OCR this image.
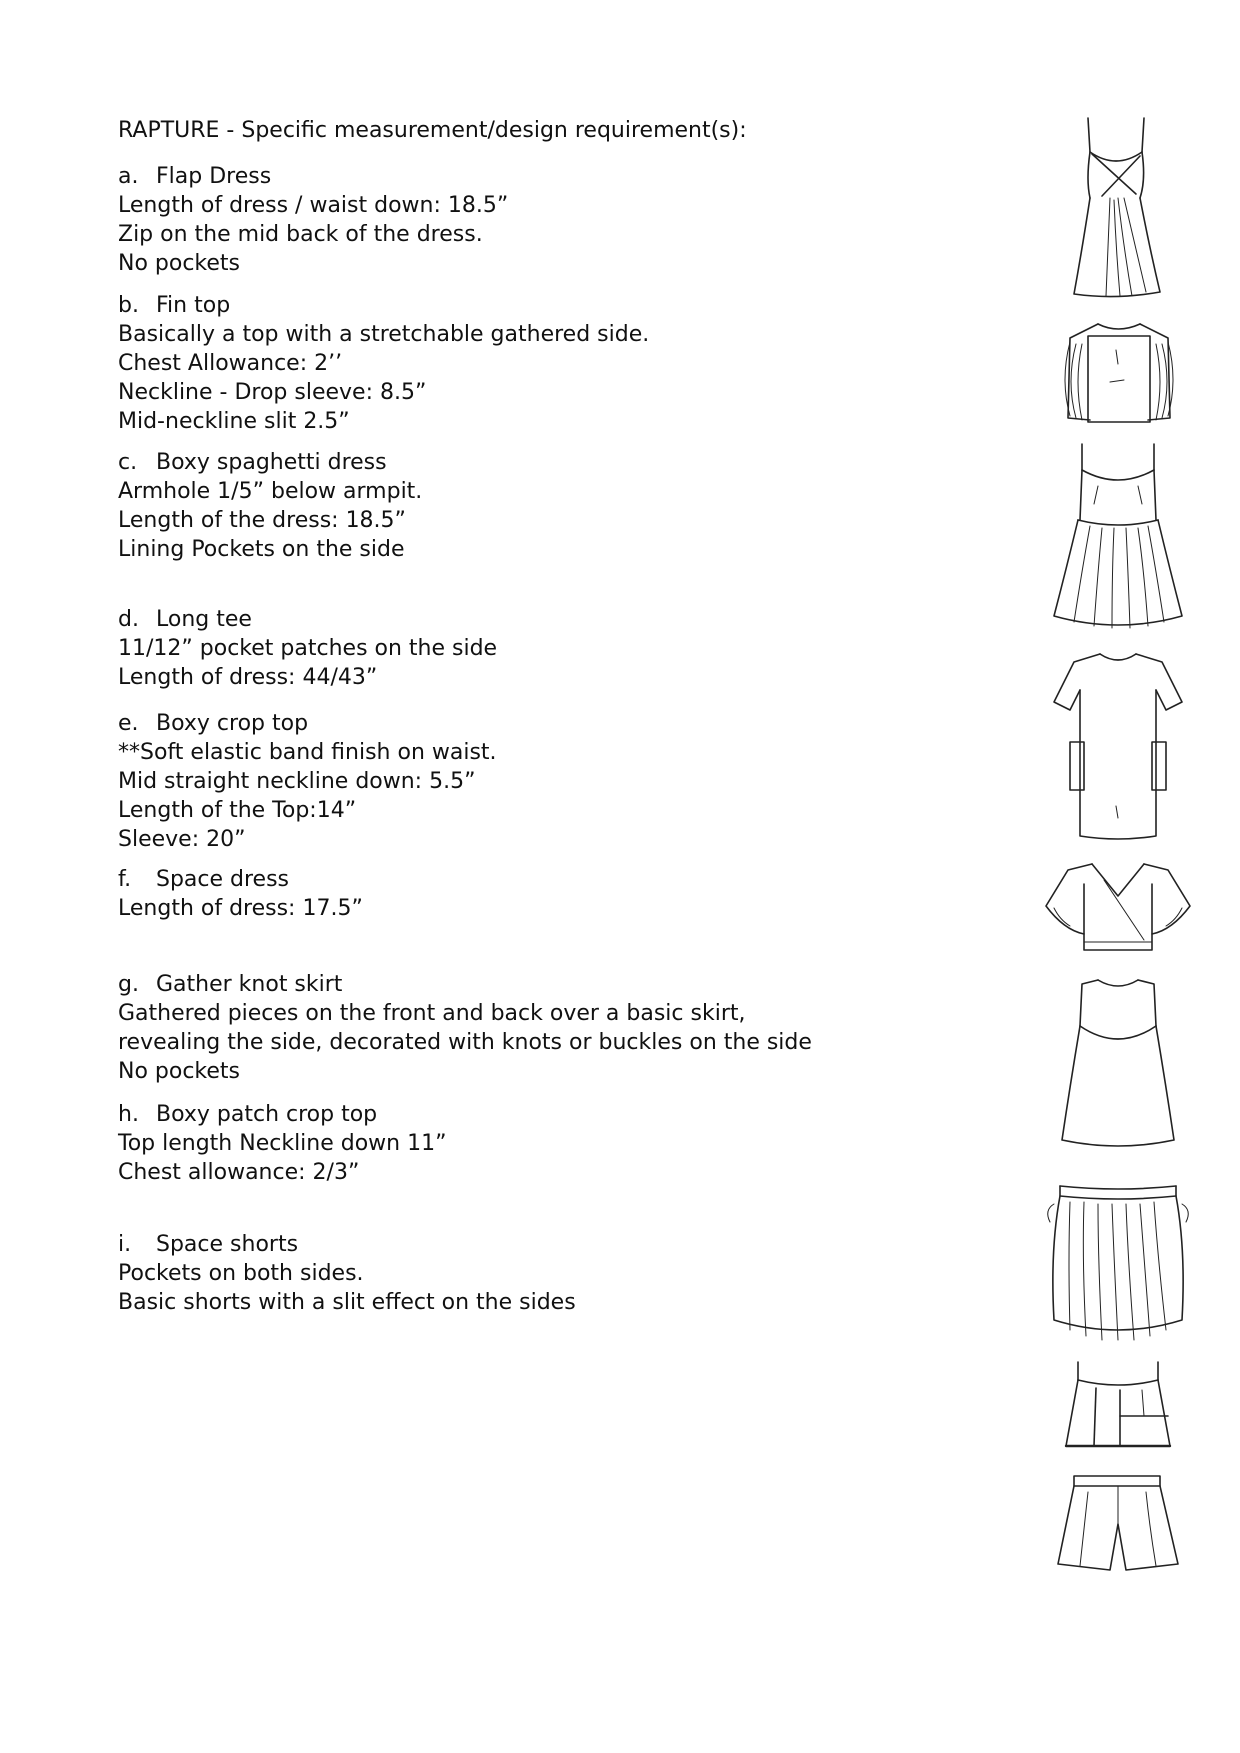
RAPTURE - Specific measurement/design requirement(s):
a. Flap Dress
Length of dress / waist down: 18.5”
Zip on the mid back of the dress.
No pockets
b. Fin top
Basically a top with a stretchable gathered side.
Chest Allowance: 2’’
Neckline - Drop sleeve: 8.5”
Mid-neckline slit 2.5”
c. Boxy spaghetti dress
Armhole 1/5” below armpit.
Length of the dress: 18.5”
Lining Pockets on the side
d. Long tee
11/12” pocket patches on the side
Length of dress: 44/43”
e. Boxy crop top
**Soft elastic band finish on waist.
Mid straight neckline down: 5.5”
Length of the Top:14”
Sleeve: 20”
f. Space dress
Length of dress: 17.5”
g. Gather knot skirt
Gathered pieces on the front and back over a basic skirt,
revealing the side, decorated with knots or buckles on the side
No pockets
h. Boxy patch crop top
Top length Neckline down 11”
Chest allowance: 2/3”
i. Space shorts
Pockets on both sides.
Basic shorts with a slit effect on the sides
